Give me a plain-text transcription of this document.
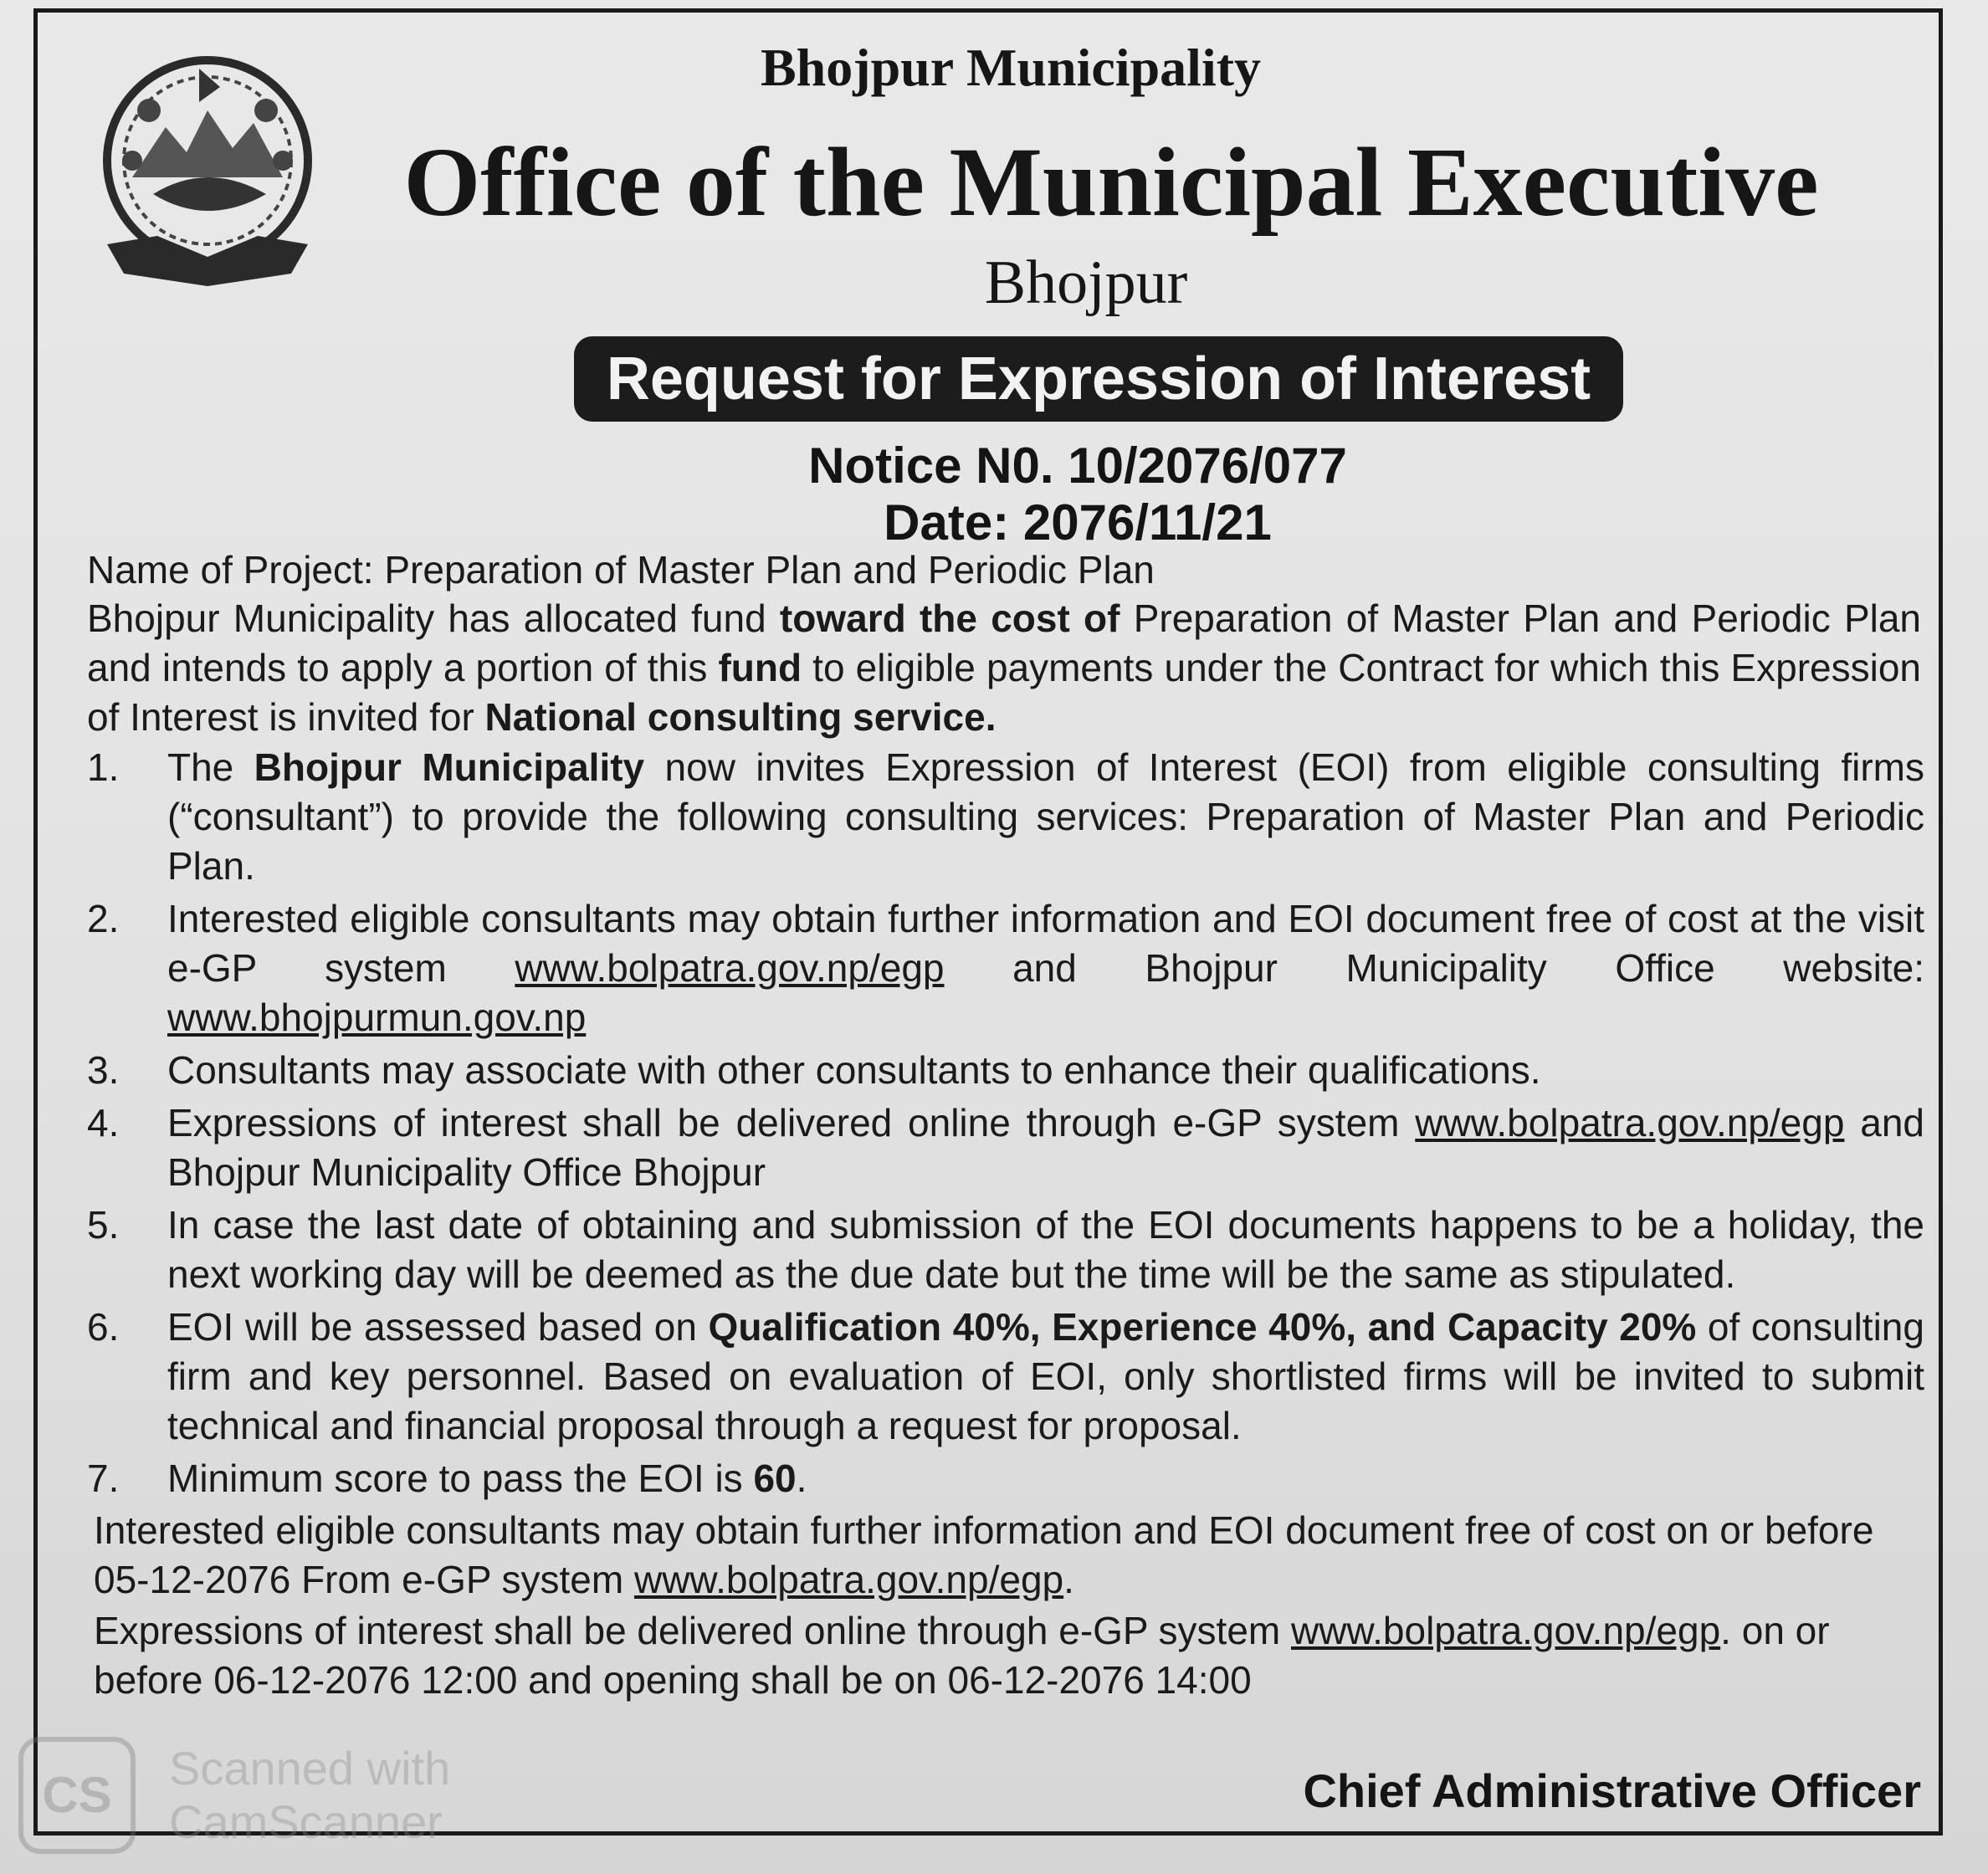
Bhojpur Municipality
Office of the Municipal Executive
Bhojpur
Request for Expression of Interest
Notice N0. 10/2076/077
Date: 2076/11/21
Name of Project: Preparation of Master Plan and Periodic Plan
Bhojpur Municipality has allocated fund toward the cost of Preparation of Master Plan and Periodic Plan and intends to apply a portion of this fund to eligible payments under the Contract for which this Expression of Interest is invited for National consulting service.
1.	The Bhojpur Municipality now invites Expression of Interest (EOI) from eligible consulting firms (“consultant”) to provide the following consulting services: Preparation of Master Plan and Periodic Plan.
2.	Interested eligible consultants may obtain further information and EOI document free of cost at the visit e-GP system www.bolpatra.gov.np/egp and Bhojpur Municipality Office website: www.bhojpurmun.gov.np
3.	Consultants may associate with other consultants to enhance their qualifications.
4.	Expressions of interest shall be delivered online through e-GP system www.bolpatra.gov.np/egp and Bhojpur Municipality Office Bhojpur
5.	In case the last date of obtaining and submission of the EOI documents happens to be a holiday, the next working day will be deemed as the due date but the time will be the same as stipulated.
6.	EOI will be assessed based on Qualification 40%, Experience 40%, and Capacity 20% of consulting firm and key personnel. Based on evaluation of EOI, only shortlisted firms will be invited to submit technical and financial proposal through a request for proposal.
7.	Minimum score to pass the EOI is 60.
Interested eligible consultants may obtain further information and EOI document free of cost on or before 05-12-2076 From e-GP system www.bolpatra.gov.np/egp.
Expressions of interest shall be delivered online through e-GP system www.bolpatra.gov.np/egp. on or before 06-12-2076 12:00 and opening shall be on 06-12-2076 14:00
Chief Administrative Officer
CS	Scanned with
CamScanner
